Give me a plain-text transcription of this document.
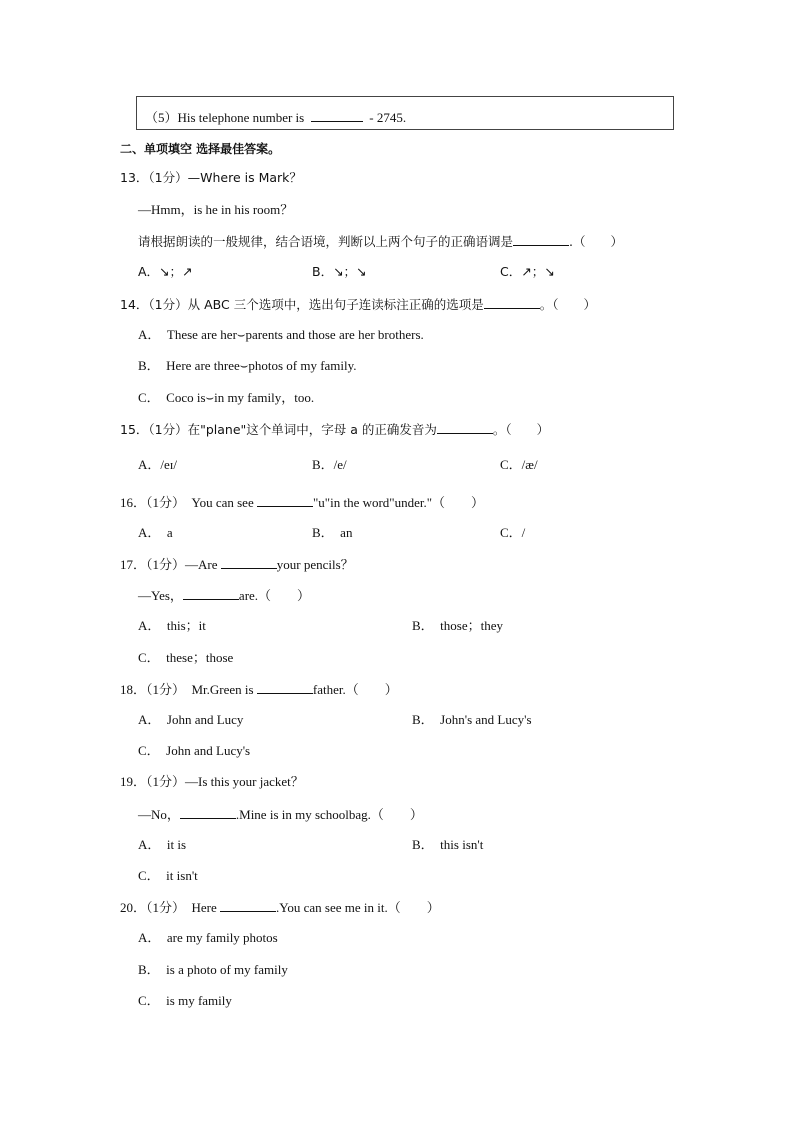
（5）His telephone number is	- 2745.
二、单项填空 选择最佳答案。
13．（1分）—Where is Mark？
—Hmm，is he in his room？
请根据朗读的一般规律，结合语境，判断以上两个句子的正确语调是	.（　　）
A．↘；↗	B．↘；↘	C．↗；↘
14．（1分）从 ABC 三个选项中，选出句子连读标注正确的选项是	。（　　）
A．　These are her⌣parents and those are her brothers.
B．　Here are three⌣photos of my family.
C．　Coco is⌣in my family，too.
15．（1分）在"plane"这个单词中，字母 a 的正确发音为	。（　　）
A．/eɪ/	B．/e/	C．/æ/
16．（1分）　You can see	"u"in the word"under."（　　）
A．　a	B．　an	C．/
17．（1分）—Are	your pencils？
—Yes，	are.（　　）
A．　this；it	B．　those；they
C．　these；those
18．（1分）　Mr.Green is	father.（　　）
A．　John and Lucy	B．　John's and Lucy's
C．　John and Lucy's
19．（1分）—Is this your jacket？
—No，	.Mine is in my schoolbag.（　　）
A．　it is	B．　this isn't
C．　it isn't
20．（1分）　Here	.You can see me in it.（　　）
A．　are my family photos
B．　is a photo of my family
C．　is my family
